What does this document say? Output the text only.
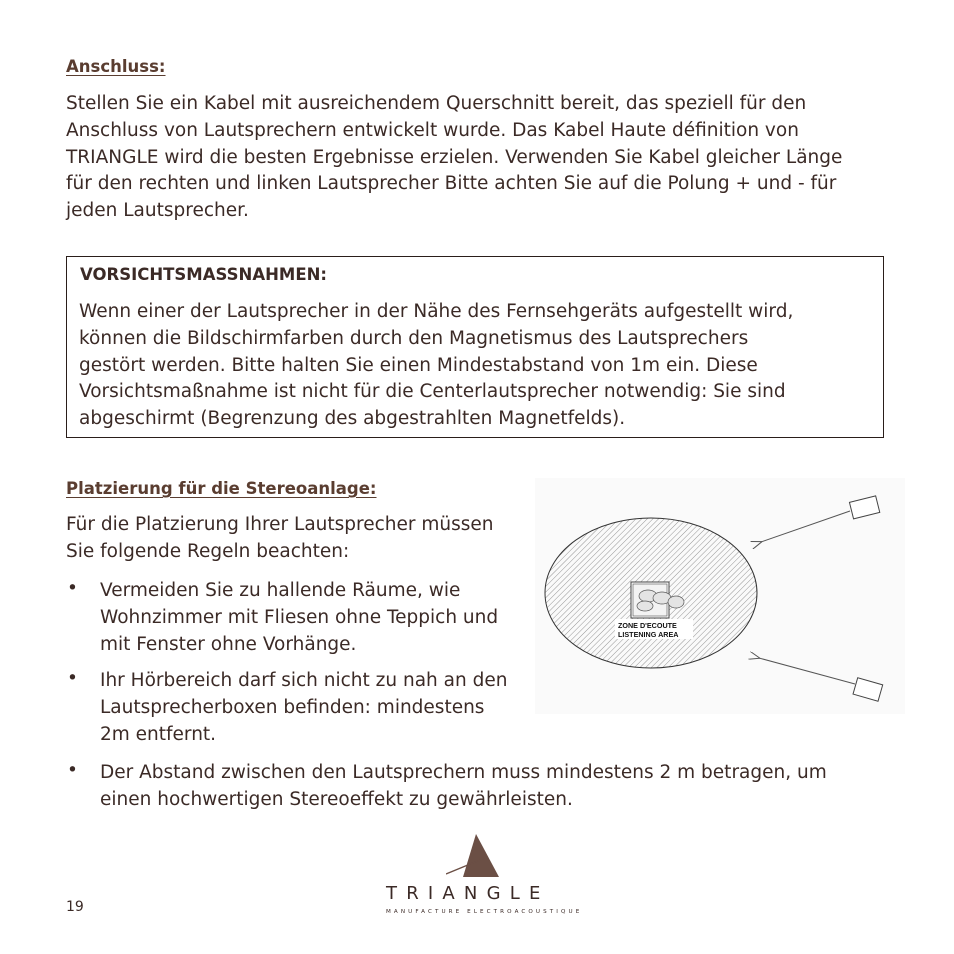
Anschluss:
Stellen Sie ein Kabel mit ausreichendem Querschnitt bereit, das speziell für den
Anschluss von Lautsprechern entwickelt wurde. Das Kabel Haute définition von
TRIANGLE wird die besten Ergebnisse erzielen. Verwenden Sie Kabel gleicher Länge
für den rechten und linken Lautsprecher Bitte achten Sie auf die Polung + und - für
jeden Lautsprecher.
VORSICHTSMASSNAHMEN:
Wenn einer der Lautsprecher in der Nähe des Fernsehgeräts aufgestellt wird,
können die Bildschirmfarben durch den Magnetismus des Lautsprechers
gestört werden. Bitte halten Sie einen Mindestabstand von 1m ein. Diese
Vorsichtsmaßnahme ist nicht für die Centerlautsprecher notwendig: Sie sind
abgeschirmt (Begrenzung des abgestrahlten Magnetfelds).
Platzierung für die Stereoanlage:
Für die Platzierung Ihrer Lautsprecher müssen
Sie folgende Regeln beachten:
• Vermeiden Sie zu hallende Räume, wie
Wohnzimmer mit Fliesen ohne Teppich und
mit Fenster ohne Vorhänge.
• Ihr Hörbereich darf sich nicht zu nah an den
Lautsprecherboxen befinden: mindestens
2m entfernt.
• Der Abstand zwischen den Lautsprechern muss mindestens 2 m betragen, um
einen hochwertigen Stereoeffekt zu gewährleisten.
ZONE D'ECOUTE
LISTENING AREA
19
TRIANGLE
MANUFACTURE ELECTROACOUSTIQUE
